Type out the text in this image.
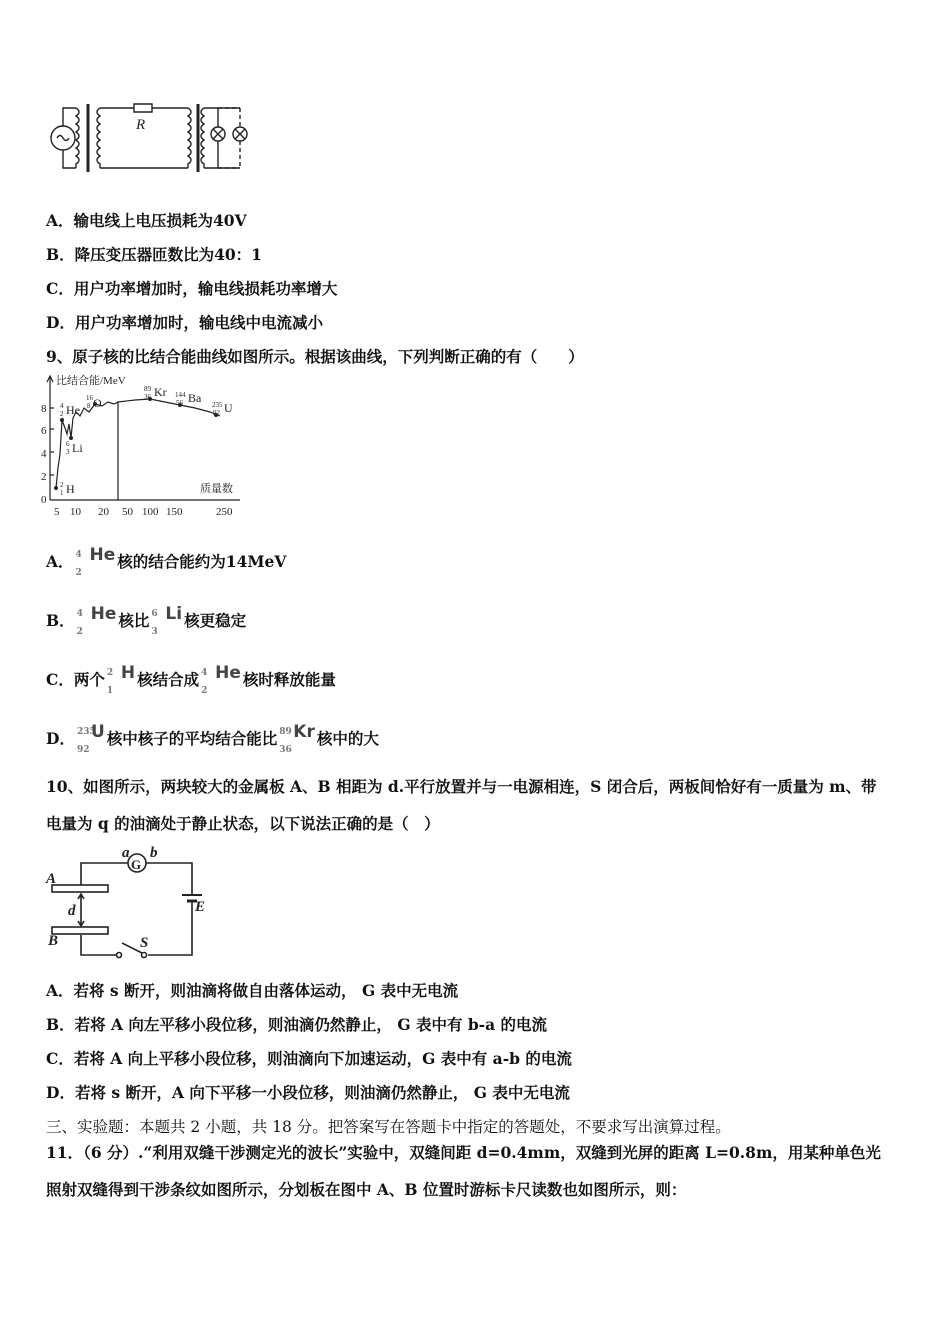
R
A．输电线上电压损耗为40V
B．降压变压器匝数比为40：1
C．用户功率增加时，输电线损耗功率增大
D．用户功率增加时，输电线中电流减小
9、原子核的比结合能曲线如图所示。根据该曲线，下列判断正确的有（　　）
比结合能/MeV
质量数
8
6
4
2
0
5 10 20 50 100 150	250
He
4
2
O
16
8
Li
6
3
H
2
1
Kr
89
36	Ba
144
56	U
235
92
A． 4
2
He 核的结合能约为14MeV
B． 4
2
He 核比 6
3
Li 核更稳定
C．两个 2
1
H 核结合成 4
2
He 核时释放能量
D． 235
92
U 核中核子的平均结合能比 89
36
Kr 核中的大
10、如图所示，两块较大的金属板 A、B 相距为 d.平行放置并与一电源相连，S 闭合后，两板间恰好有一质量为 m、带
电量为 q 的油滴处于静止状态，以下说法正确的是（　）
a b
G
A
d
B
E
S
A．若将 s 断开，则油滴将做自由落体运动， G 表中无电流
B．若将 A 向左平移小段位移，则油滴仍然静止， G 表中有 b-a 的电流
C．若将 A 向上平移小段位移，则油滴向下加速运动，G 表中有 a-b 的电流
D．若将 s 断开，A 向下平移一小段位移，则油滴仍然静止， G 表中无电流
三、实验题：本题共 2 小题，共 18 分。把答案写在答题卡中指定的答题处，不要求写出演算过程。
11．（6 分）.“利用双缝干涉测定光的波长”实验中，双缝间距 d=0.4mm，双缝到光屏的距离 L=0.8m，用某种单色光
照射双缝得到干涉条纹如图所示，分划板在图中 A、B 位置时游标卡尺读数也如图所示，则：
